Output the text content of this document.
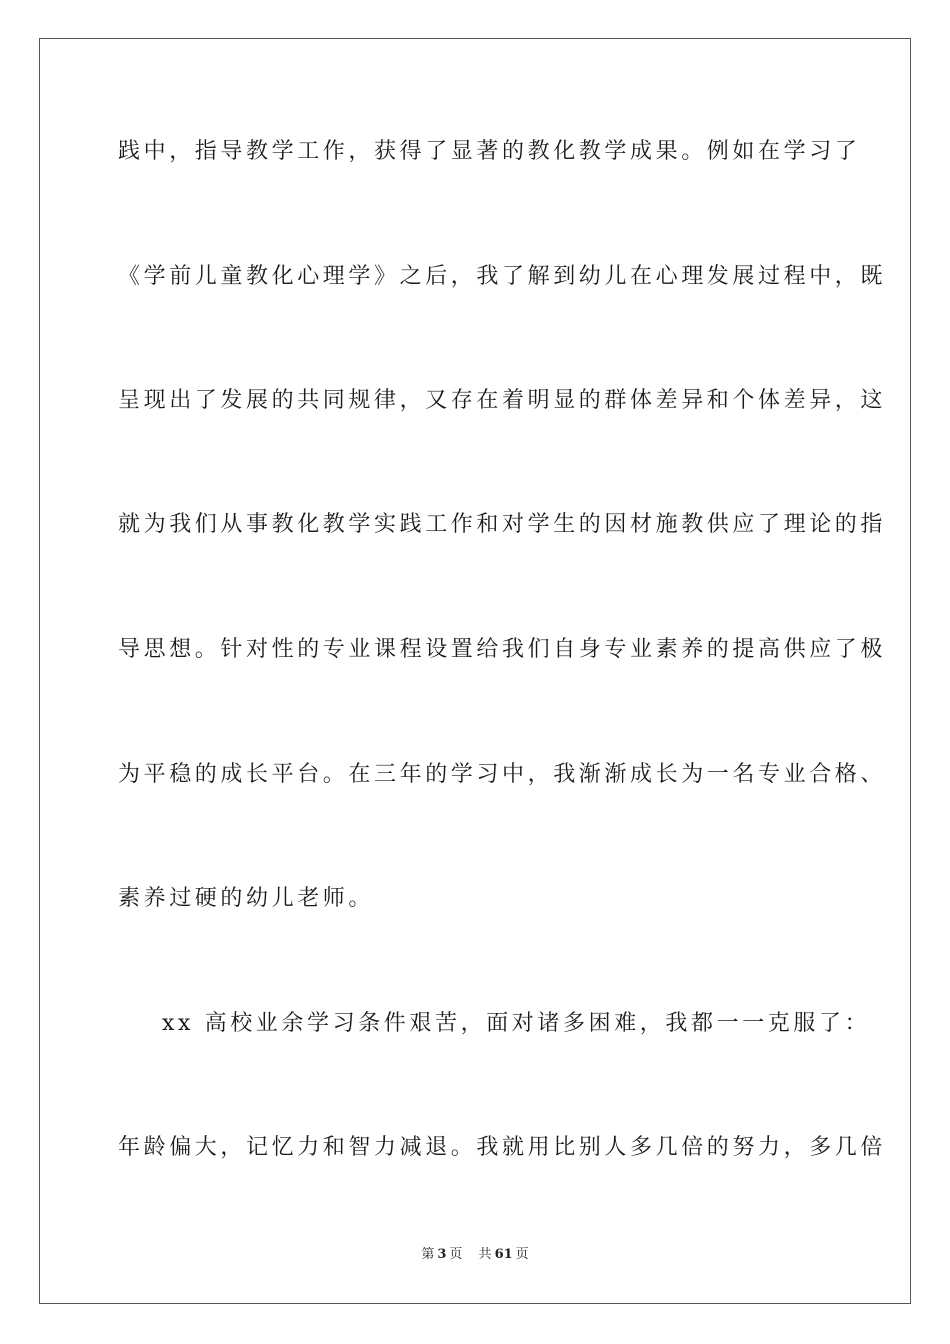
践中，指导教学工作，获得了显著的教化教学成果。例如在学习了
《学前儿童教化心理学》之后，我了解到幼儿在心理发展过程中，既
呈现出了发展的共同规律，又存在着明显的群体差异和个体差异，这
就为我们从事教化教学实践工作和对学生的因材施教供应了理论的指
导思想。针对性的专业课程设置给我们自身专业素养的提高供应了极
为平稳的成长平台。在三年的学习中，我渐渐成长为一名专业合格、
素养过硬的幼儿老师。
xx 高校业余学习条件艰苦，面对诸多困难，我都一一克服了：
年龄偏大，记忆力和智力减退。我就用比别人多几倍的努力，多几倍
第 3 页 共 61 页
